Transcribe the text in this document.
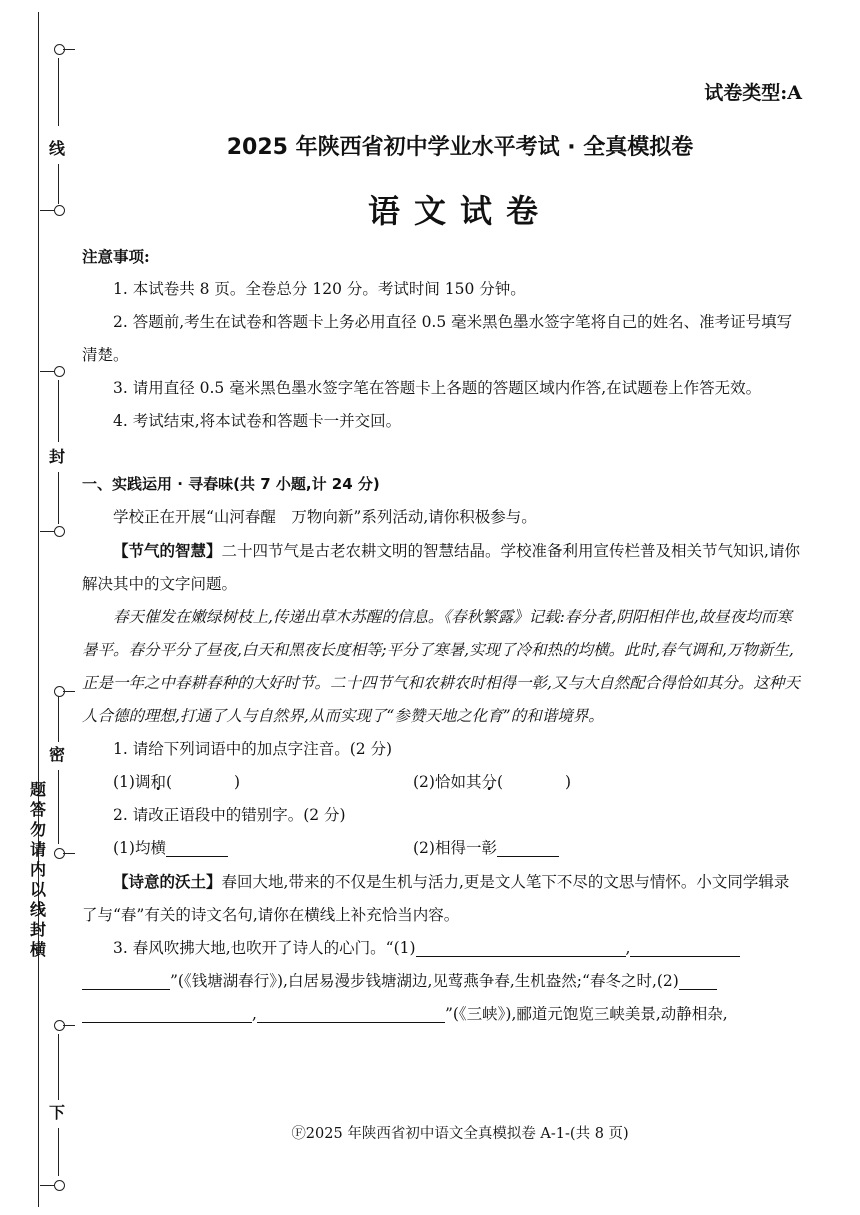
线
封
密
题
答
勿
请
内
以
线
封
横
下
试卷类型:A
2025 年陕西省初中学业水平考试 · 全真模拟卷
语文试卷

注意事项:

1. 本试卷共 8 页。全卷总分 120 分。考试时间 150 分钟。

2. 答题前,考生在试卷和答题卡上务必用直径 0.5 毫米黑色墨水签字笔将自己的姓名、准考证号填写清楚。

3. 请用直径 0.5 毫米黑色墨水签字笔在答题卡上各题的答题区域内作答,在试题卷上作答无效。

4. 考试结束,将本试卷和答题卡一并交回。

一、实践运用 · 寻春味(共 7 小题,计 24 分)

学校正在开展“山河春醒　万物向新”系列活动,请你积极参与。

【节气的智慧】二十四节气是古老农耕文明的智慧结晶。学校准备利用宣传栏普及相关节气知识,请你解决其中的文字问题。

春天催发在嫩绿树枝上,传递出草木苏醒的信息。《春秋繁露》记载:春分者,阴阳相伴也,故昼夜均而寒暑平。春分平分了昼夜,白天和黑夜长度相等;平分了寒暑,实现了冷和热的均横。此时,春气调和,万物新生,正是一年之中春耕春种的大好时节。二十四节气和农耕农时相得一彰,又与大自然配合得恰如其分。这种天人合德的理想,打通了人与自然界,从而实现了“参赞天地之化育”的和谐境界。

1. 请给下列词语中的加点字注音。(2 分)

(1)调和(　　　　)	(2)恰如其分(　　　　)

2. 请改正语段中的错别字。(2 分)

(1)均横	(2)相得一彰

【诗意的沃土】春回大地,带来的不仅是生机与活力,更是文人笔下不尽的文思与情怀。小文同学辑录了与“春”有关的诗文名句,请你在横线上补充恰当内容。

3. 春风吹拂大地,也吹开了诗人的心门。“(1)	,

”(《钱塘湖春行》),白居易漫步钱塘湖边,见莺燕争春,生机盎然;“春冬之时,(2)

,	”(《三峡》),郦道元饱览三峡美景,动静相杂,

Ⓕ2025 年陕西省初中语文全真模拟卷 A-1-(共 8 页)
